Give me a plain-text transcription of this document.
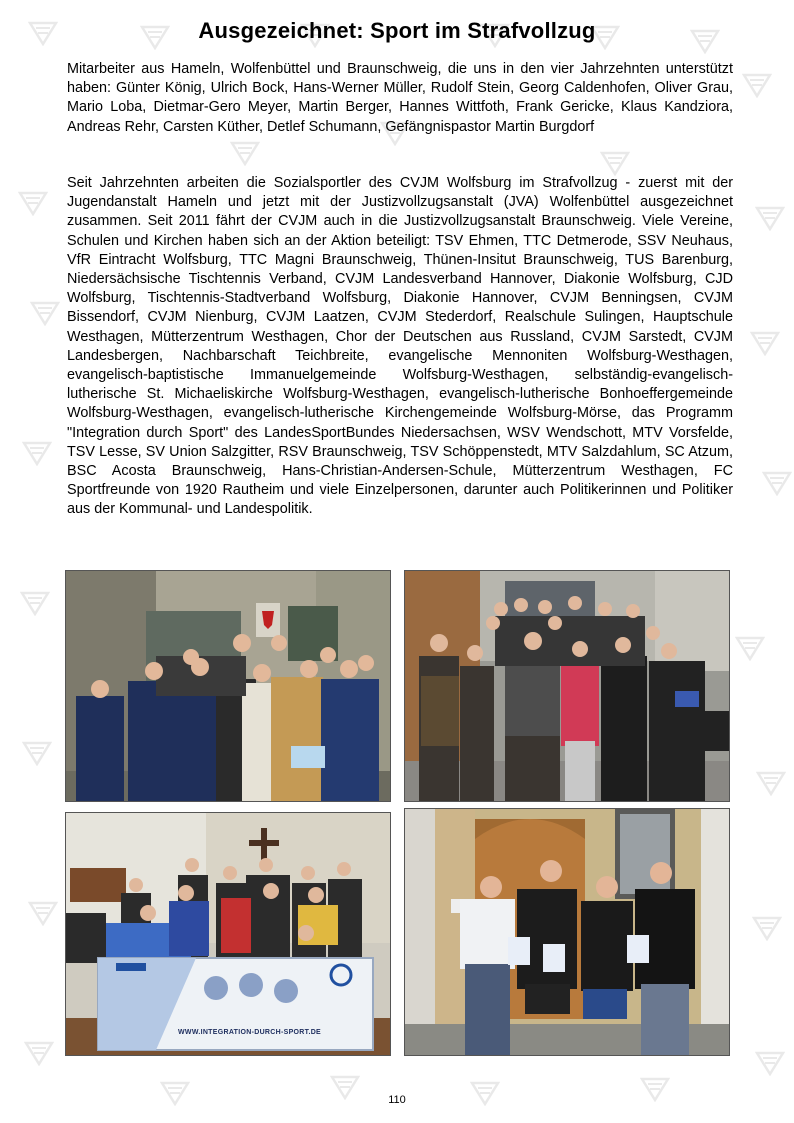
Ausgezeichnet: Sport im Strafvollzug

Mitarbeiter aus Hameln, Wolfenbüttel und Braunschweig, die uns in den vier Jahrzehnten unterstützt haben: Günter König, Ulrich Bock, Hans-Werner Müller, Rudolf Stein, Georg Caldenhofen, Oliver Grau, Mario Loba, Dietmar-Gero Meyer, Martin Berger, Hannes Wittfoth, Frank Gericke, Klaus Kandziora, Andreas Rehr, Carsten Küther, Detlef Schumann, Gefängnispastor Martin Burgdorf

Seit Jahrzehnten arbeiten die Sozialsportler des CVJM Wolfsburg im Strafvollzug - zuerst mit der Jugendanstalt Hameln und jetzt mit der Justizvollzugsanstalt (JVA) Wolfenbüttel ausgezeichnet zusammen. Seit 2011 fährt der CVJM auch in die Justizvollzugsanstalt Braunschweig. Viele Vereine, Schulen und Kirchen haben sich an der Aktion beteiligt: TSV Ehmen, TTC Detmerode, SSV Neuhaus, VfR Eintracht Wolfsburg, TTC Magni Braunschweig, Thünen-Insitut Braunschweig, TUS Barenburg, Niedersächsische Tischtennis Verband, CVJM Landesverband Hannover, Diakonie Wolfsburg, CJD Wolfsburg, Tischtennis-Stadtverband Wolfsburg, Diakonie Hannover, CVJM Benningsen, CVJM Bissendorf, CVJM Nienburg, CVJM Laatzen, CVJM Stederdorf, Realschule Sulingen, Hauptschule Westhagen, Mütterzentrum Westhagen, Chor der Deutschen aus Russland, CVJM Sarstedt, CVJM Landesbergen, Nachbarschaft Teichbreite, evangelische Mennoniten Wolfsburg-Westhagen, evangelisch-baptistische Immanuelgemeinde Wolfsburg-Westhagen, selbständig-evangelisch-lutherische St. Michaeliskirche Wolfsburg-Westhagen, evangelisch-lutherische Bonhoeffergemeinde Wolfsburg-Westhagen, evangelisch-lutherische Kirchengemeinde Wolfsburg-Mörse, das Programm "Integration durch Sport" des LandesSportBundes Niedersachsen, WSV Wendschott, MTV Vorsfelde, TSV Lesse, SV Union Salzgitter, RSV Braunschweig, TSV Schöppenstedt, MTV Salzdahlum, SC Atzum, BSC Acosta Braunschweig, Hans-Christian-Andersen-Schule, Mütterzentrum Westhagen, FC Sportfreunde von 1920 Rautheim und viele Einzelpersonen, darunter auch Politikerinnen und Politiker aus der Kommunal- und Landespolitik.

WWW.INTEGRATION-DURCH-SPORT.DE
110
